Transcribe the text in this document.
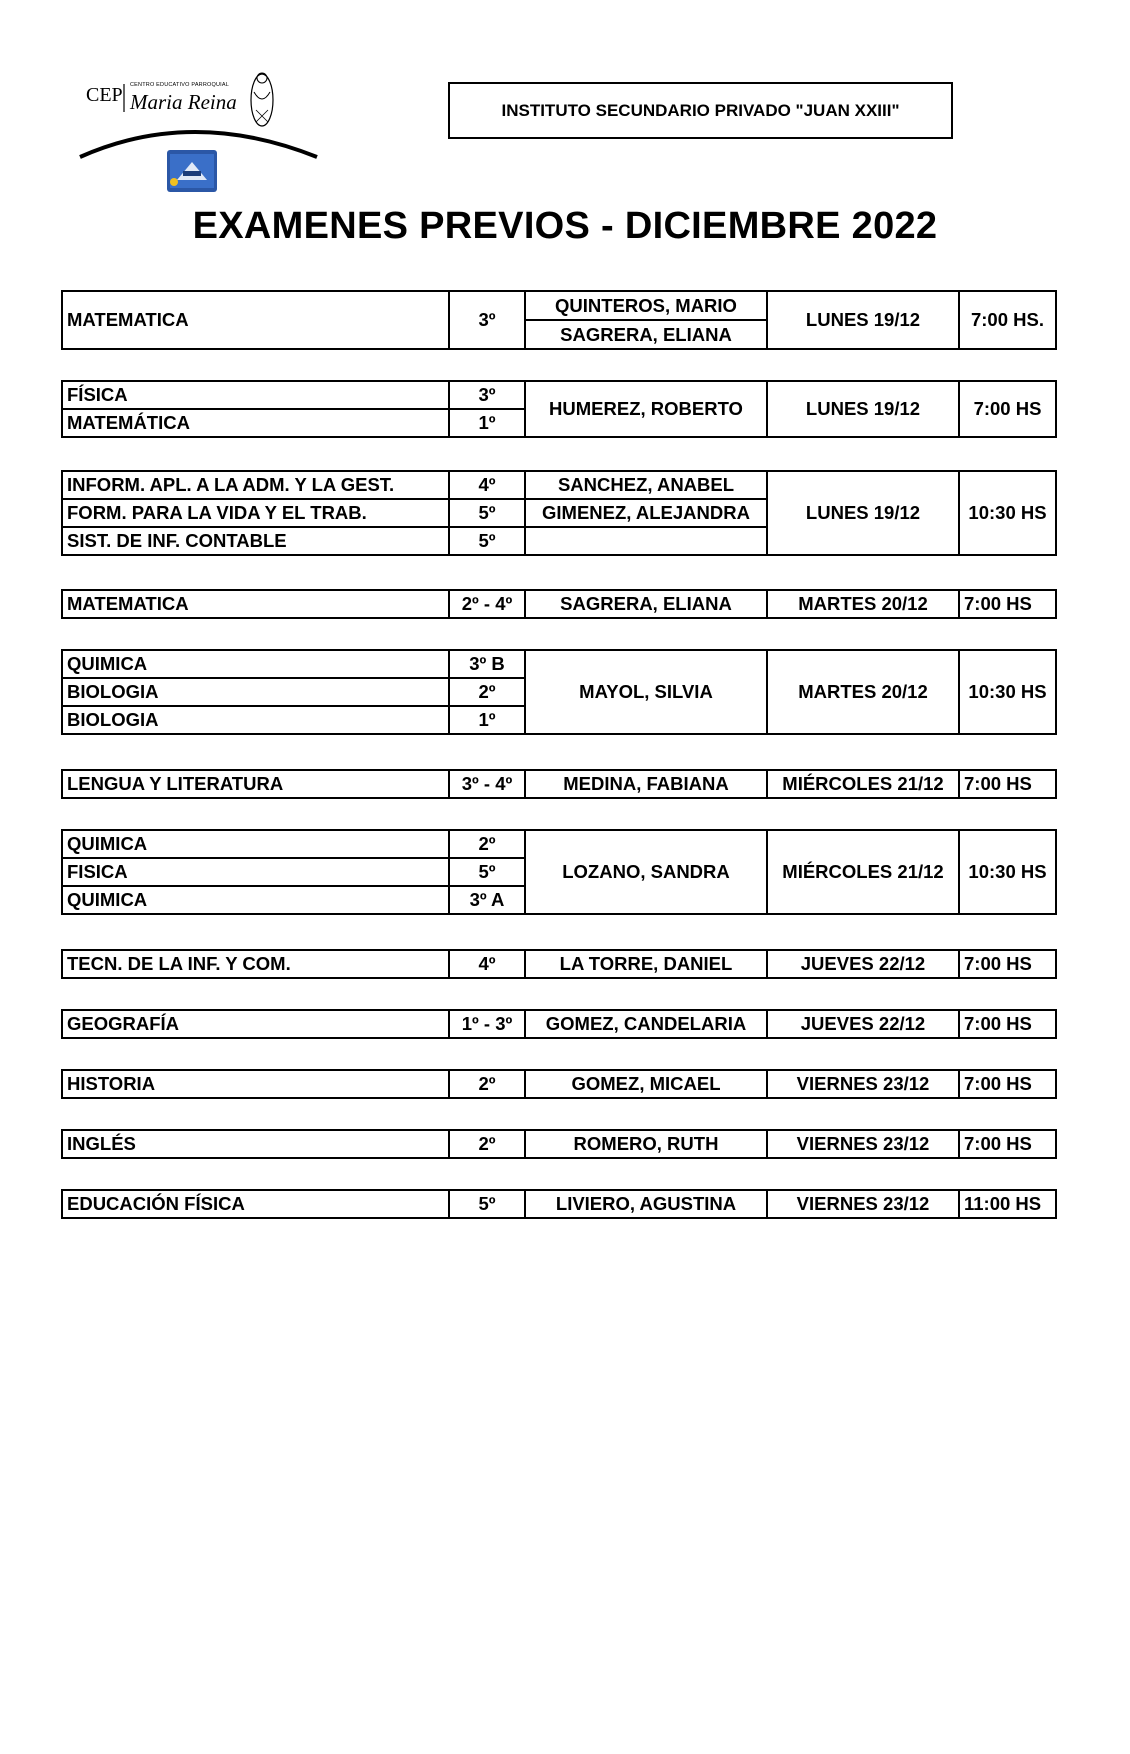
CEP CENTRO EDUCATIVO PARROQUIAL
Maria Reina	INSTITUTO SECUNDARIO PRIVADO "JUAN XXIII"
EXAMENES PREVIOS - DICIEMBRE 2022
MATEMATICA	3º	QUINTEROS, MARIO	LUNES 19/12	7:00 HS.
SAGRERA, ELIANA
FÍSICA	3º	HUMEREZ, ROBERTO	LUNES 19/12	7:00 HS
MATEMÁTICA	1º			
INFORM. APL. A LA ADM. Y LA GEST.	4º	SANCHEZ, ANABEL	LUNES 19/12	10:30 HS
FORM. PARA LA VIDA Y EL TRAB.	5º	GIMENEZ, ALEJANDRA		
SIST. DE INF. CONTABLE	5º			
MATEMATICA	2º - 4º	SAGRERA, ELIANA	MARTES 20/12	7:00 HS
QUIMICA	3º B	MAYOL, SILVIA	MARTES 20/12	10:30 HS
BIOLOGIA	2º			
BIOLOGIA	1º			
LENGUA Y LITERATURA	3º - 4º	MEDINA, FABIANA	MIÉRCOLES 21/12	7:00 HS
QUIMICA	2º	LOZANO, SANDRA	MIÉRCOLES 21/12	10:30 HS
FISICA	5º			
QUIMICA	3º A			
TECN. DE LA INF. Y COM.	4º	LA TORRE, DANIEL	JUEVES 22/12	7:00 HS
GEOGRAFÍA	1º - 3º	GOMEZ, CANDELARIA	JUEVES 22/12	7:00 HS
HISTORIA	2º	GOMEZ, MICAEL	VIERNES 23/12	7:00 HS
INGLÉS	2º	ROMERO, RUTH	VIERNES 23/12	7:00 HS
EDUCACIÓN FÍSICA	5º	LIVIERO, AGUSTINA	VIERNES 23/12	11:00 HS
